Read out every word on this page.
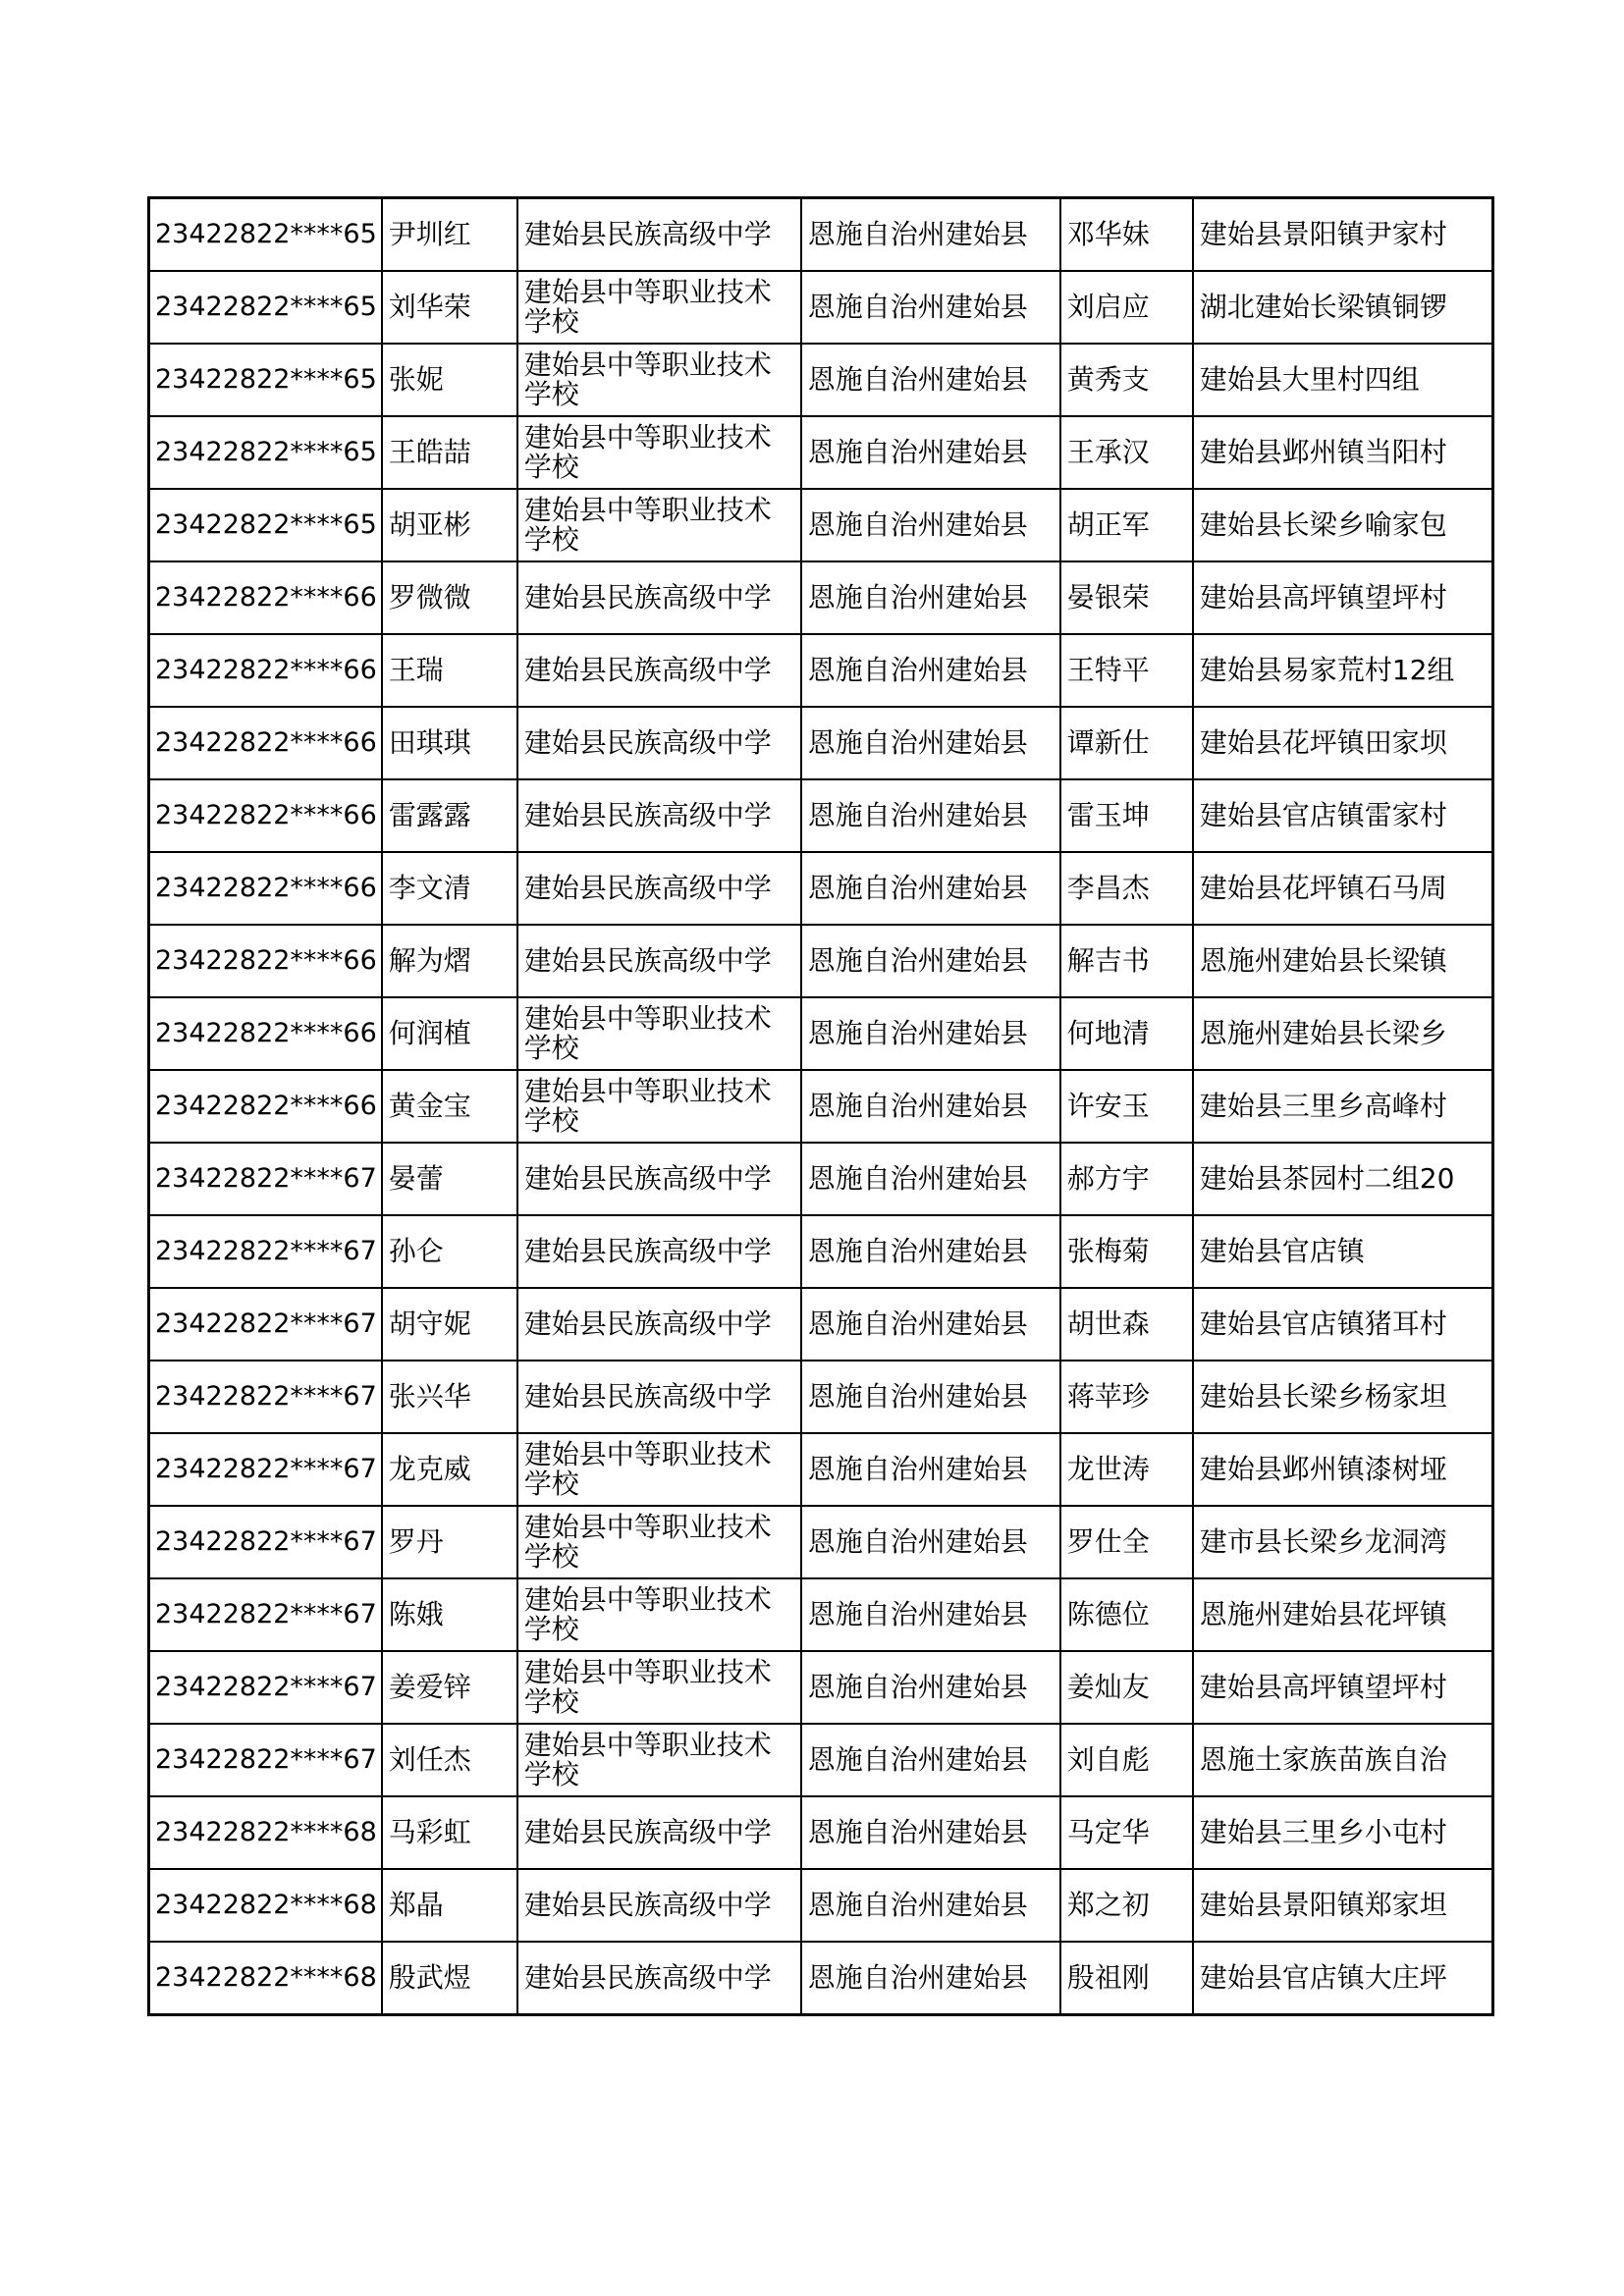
23422822****65	尹圳红	建始县民族高级中学	恩施自治州建始县	邓华妹	建始县景阳镇尹家村
23422822****65	刘华荣	建始县中等职业技术学校	恩施自治州建始县	刘启应	湖北建始长梁镇铜锣
23422822****65	张妮	建始县中等职业技术学校	恩施自治州建始县	黄秀支	建始县大里村四组
23422822****65	王皓喆	建始县中等职业技术学校	恩施自治州建始县	王承汉	建始县邺州镇当阳村
23422822****65	胡亚彬	建始县中等职业技术学校	恩施自治州建始县	胡正军	建始县长梁乡喻家包
23422822****66	罗微微	建始县民族高级中学	恩施自治州建始县	晏银荣	建始县高坪镇望坪村
23422822****66	王瑞	建始县民族高级中学	恩施自治州建始县	王特平	建始县易家荒村12组
23422822****66	田琪琪	建始县民族高级中学	恩施自治州建始县	谭新仕	建始县花坪镇田家坝
23422822****66	雷露露	建始县民族高级中学	恩施自治州建始县	雷玉坤	建始县官店镇雷家村
23422822****66	李文清	建始县民族高级中学	恩施自治州建始县	李昌杰	建始县花坪镇石马周
23422822****66	解为熠	建始县民族高级中学	恩施自治州建始县	解吉书	恩施州建始县长梁镇
23422822****66	何润植	建始县中等职业技术学校	恩施自治州建始县	何地清	恩施州建始县长梁乡
23422822****66	黄金宝	建始县中等职业技术学校	恩施自治州建始县	许安玉	建始县三里乡高峰村
23422822****67	晏蕾	建始县民族高级中学	恩施自治州建始县	郝方宇	建始县茶园村二组20
23422822****67	孙仑	建始县民族高级中学	恩施自治州建始县	张梅菊	建始县官店镇
23422822****67	胡守妮	建始县民族高级中学	恩施自治州建始县	胡世森	建始县官店镇猪耳村
23422822****67	张兴华	建始县民族高级中学	恩施自治州建始县	蒋苹珍	建始县长梁乡杨家坦
23422822****67	龙克威	建始县中等职业技术学校	恩施自治州建始县	龙世涛	建始县邺州镇漆树垭
23422822****67	罗丹	建始县中等职业技术学校	恩施自治州建始县	罗仕全	建市县长梁乡龙洞湾
23422822****67	陈娥	建始县中等职业技术学校	恩施自治州建始县	陈德位	恩施州建始县花坪镇
23422822****67	姜爱锌	建始县中等职业技术学校	恩施自治州建始县	姜灿友	建始县高坪镇望坪村
23422822****67	刘任杰	建始县中等职业技术学校	恩施自治州建始县	刘自彪	恩施土家族苗族自治
23422822****68	马彩虹	建始县民族高级中学	恩施自治州建始县	马定华	建始县三里乡小屯村
23422822****68	郑晶	建始县民族高级中学	恩施自治州建始县	郑之初	建始县景阳镇郑家坦
23422822****68	殷武煜	建始县民族高级中学	恩施自治州建始县	殷祖刚	建始县官店镇大庄坪
